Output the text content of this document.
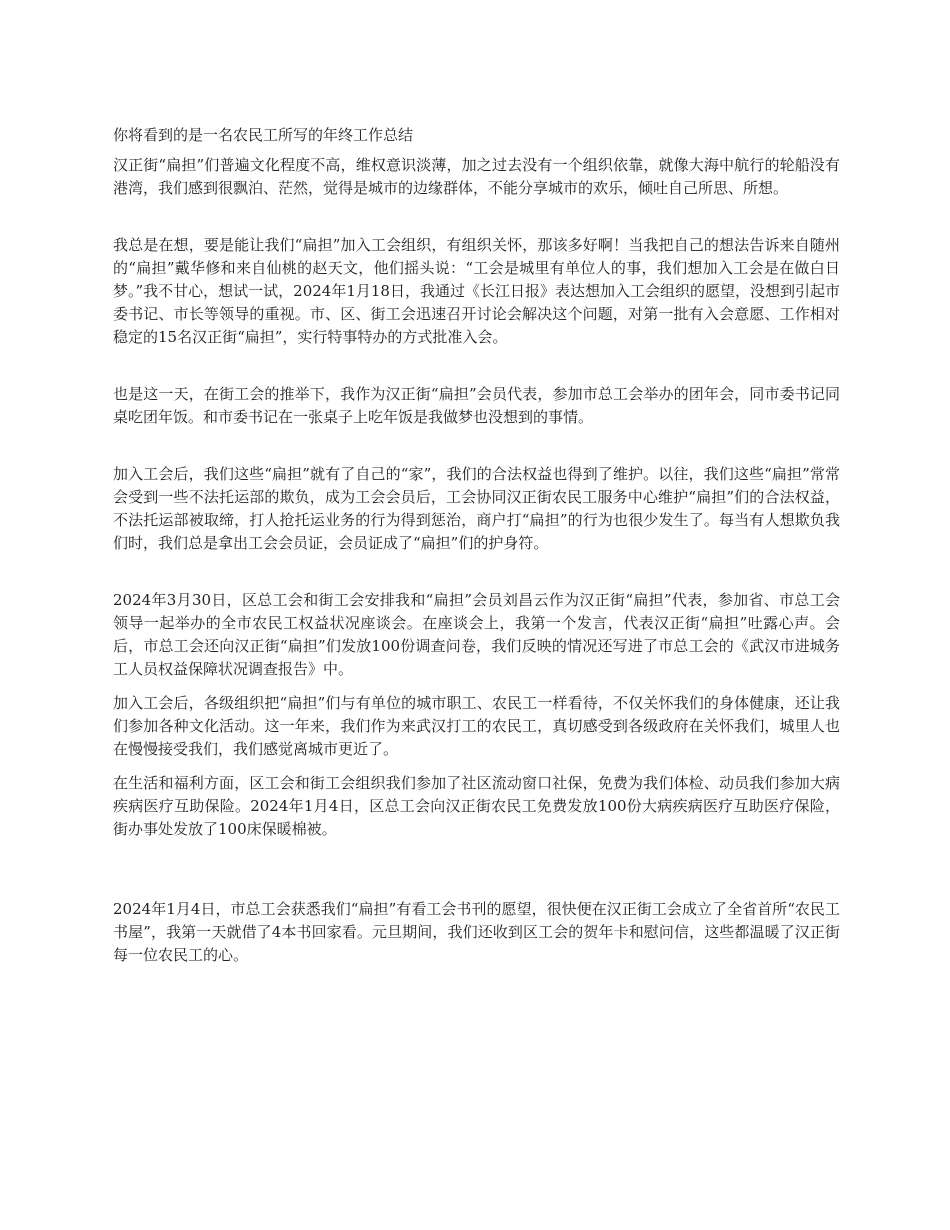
你将看到的是一名农民工所写的年终工作总结

汉正街“扁担”们普遍文化程度不高，维权意识淡薄，加之过去没有一个组织依靠，就像大海中航行的轮船没有港湾，我们感到很飘泊、茫然，觉得是城市的边缘群体，不能分享城市的欢乐，倾吐自己所思、所想。

我总是在想，要是能让我们“扁担”加入工会组织，有组织关怀，那该多好啊！当我把自己的想法告诉来自随州的“扁担”戴华修和来自仙桃的赵天文，他们摇头说：“工会是城里有单位人的事，我们想加入工会是在做白日梦。”我不甘心，想试一试，2024年1月18日，我通过《长江日报》表达想加入工会组织的愿望，没想到引起市委书记、市长等领导的重视。市、区、街工会迅速召开讨论会解决这个问题，对第一批有入会意愿、工作相对稳定的15名汉正街“扁担”，实行特事特办的方式批准入会。

也是这一天，在街工会的推举下，我作为汉正街“扁担”会员代表，参加市总工会举办的团年会，同市委书记同桌吃团年饭。和市委书记在一张桌子上吃年饭是我做梦也没想到的事情。

加入工会后，我们这些“扁担”就有了自己的“家”，我们的合法权益也得到了维护。以往，我们这些“扁担”常常会受到一些不法托运部的欺负，成为工会会员后，工会协同汉正街农民工服务中心维护“扁担”们的合法权益，不法托运部被取缔，打人抢托运业务的行为得到惩治，商户打“扁担”的行为也很少发生了。每当有人想欺负我们时，我们总是拿出工会会员证，会员证成了“扁担”们的护身符。

2024年3月30日，区总工会和街工会安排我和“扁担”会员刘昌云作为汉正街“扁担”代表，参加省、市总工会领导一起举办的全市农民工权益状况座谈会。在座谈会上，我第一个发言，代表汉正街“扁担”吐露心声。会后，市总工会还向汉正街“扁担”们发放100份调查问卷，我们反映的情况还写进了市总工会的《武汉市进城务工人员权益保障状况调查报告》中。

加入工会后，各级组织把“扁担”们与有单位的城市职工、农民工一样看待，不仅关怀我们的身体健康，还让我们参加各种文化活动。这一年来，我们作为来武汉打工的农民工，真切感受到各级政府在关怀我们，城里人也在慢慢接受我们，我们感觉离城市更近了。

在生活和福利方面，区工会和街工会组织我们参加了社区流动窗口社保，免费为我们体检、动员我们参加大病疾病医疗互助保险。2024年1月4日，区总工会向汉正街农民工免费发放100份大病疾病医疗互助医疗保险，街办事处发放了100床保暖棉被。

2024年1月4日，市总工会获悉我们“扁担”有看工会书刊的愿望，很快便在汉正街工会成立了全省首所“农民工书屋”，我第一天就借了4本书回家看。元旦期间，我们还收到区工会的贺年卡和慰问信，这些都温暖了汉正街每一位农民工的心。
